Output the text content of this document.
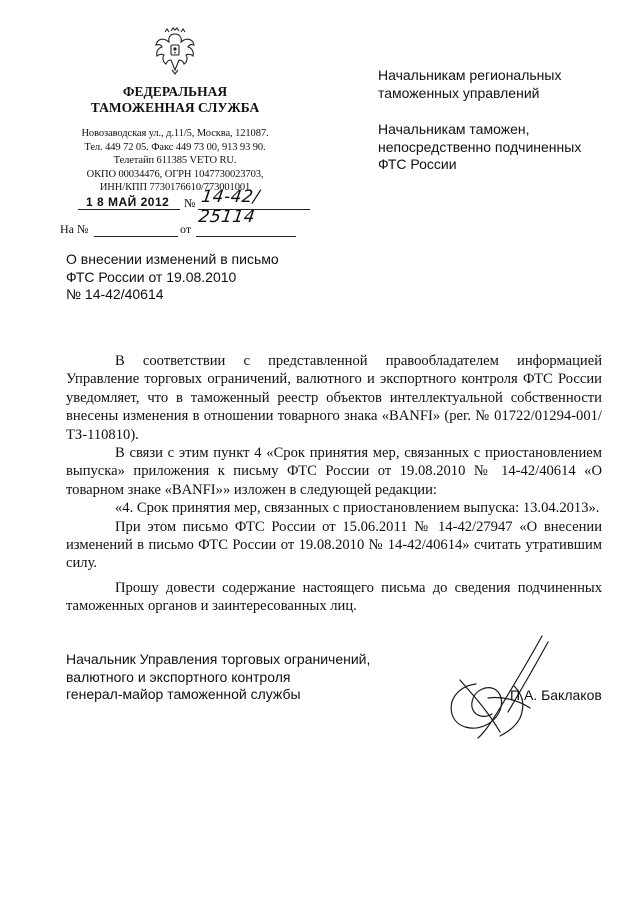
ФЕДЕРАЛЬНАЯ
ТАМОЖЕННАЯ СЛУЖБА
Новозаводская ул., д.11/5, Москва, 121087.
Тел. 449 72 05. Факс 449 73 00, 913 93 90.
Телетайп 611385 VETO RU.
ОКПО 00034476, ОГРН 1047730023703,
ИНН/КПП 7730176610/773001001
1 8 МАЙ 2012 № 14-42/ 25114
На №	от
О внесении изменений в письмо
ФТС России от 19.08.2010
№ 14-42/40614
Начальникам региональных
таможенных управлений
Начальникам таможен,
непосредственно подчиненных
ФТС России

В соответствии с представленной правообладателем информацией Управление торговых ограничений, валютного и экспортного контроля ФТС России уведомляет, что в таможенный реестр объектов интеллектуальной собственности внесены изменения в отношении товарного знака «BANFI» (рег. № 01722/01294-001/ТЗ-110810).

В связи с этим пункт 4 «Срок принятия мер, связанных с приостановлением выпуска» приложения к письму ФТС России от 19.08.2010 № 14-42/40614 «О товарном знаке «BANFI»» изложен в следующей редакции:

«4. Срок принятия мер, связанных с приостановлением выпуска: 13.04.2013».

При этом письмо ФТС России от 15.06.2011 № 14-42/27947 «О внесении изменений в письмо ФТС России от 19.08.2010 № 14-42/40614» считать утратившим силу.

Прошу довести содержание настоящего письма до сведения подчиненных таможенных органов и заинтересованных лиц.

Начальник Управления торговых ограничений,
валютного и экспортного контроля
генерал-майор таможенной службы	П.А. Баклаков
